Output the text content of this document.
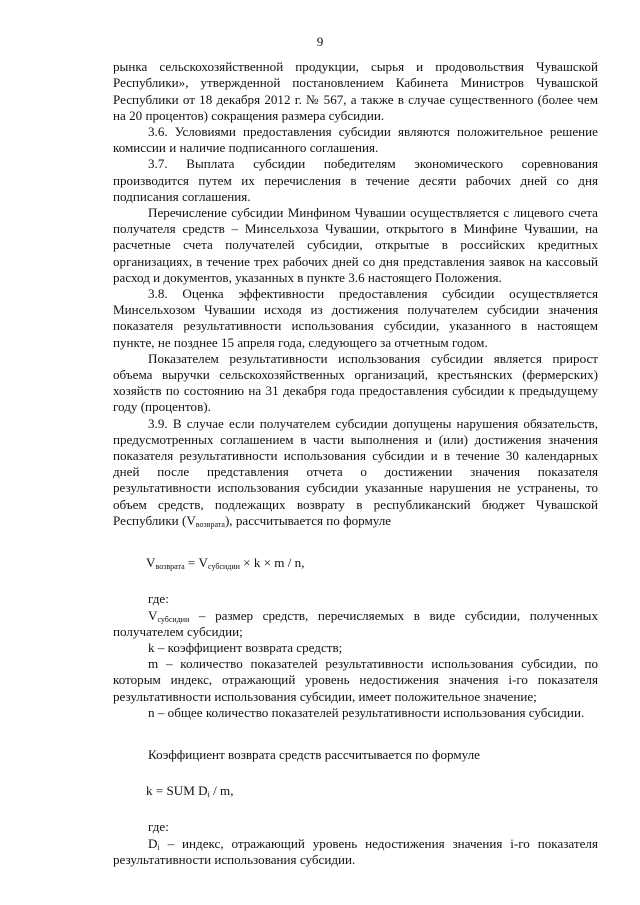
9

рынка сельскохозяйственной продукции, сырья и продовольствия Чувашской Республики», утвержденной постановлением Кабинета Министров Чувашской Республики от 18 декабря 2012 г. № 567, а также в случае существенного (более чем на 20 процентов) сокращения размера субсидии.

3.6. Условиями предоставления субсидии являются положительное решение комиссии и наличие подписанного соглашения.

3.7. Выплата субсидии победителям экономического соревнования производится путем их перечисления в течение десяти рабочих дней со дня подписания соглашения.

Перечисление субсидии Минфином Чувашии осуществляется с лицевого счета получателя средств – Минсельхоза Чувашии, открытого в Минфине Чувашии, на расчетные счета получателей субсидии, открытые в российских кредитных организациях, в течение трех рабочих дней со дня представления заявок на кассовый расход и документов, указанных в пункте 3.6 настоящего Положения.

3.8. Оценка эффективности предоставления субсидии осуществляется Минсельхозом Чувашии исходя из достижения получателем субсидии значения показателя результативности использования субсидии, указанного в настоящем пункте, не позднее 15 апреля года, следующего за отчетным годом.

Показателем результативности использования субсидии является прирост объема выручки сельскохозяйственных организаций, крестьянских (фермерских) хозяйств по состоянию на 31 декабря года предоставления субсидии к предыдущему году (процентов).

3.9. В случае если получателем субсидии допущены нарушения обязательств, предусмотренных соглашением в части выполнения и (или) достижения значения показателя результативности использования субсидии и в течение 30 календарных дней после представления отчета о достижении значения показателя результативности использования субсидии указанные нарушения не устранены, то объем средств, подлежащих возврату в республиканский бюджет Чувашской Республики $(V_{возврата})$, рассчитывается по формуле

$V_{возврата} = V_{субсидии} \times k \times m / n$,

где:

$V_{субсидии}$ – размер средств, перечисляемых в виде субсидии, полученных получателем субсидии;

k – коэффициент возврата средств;

m – количество показателей результативности использования субсидии, по которым индекс, отражающий уровень недостижения значения i-го показателя результативности использования субсидии, имеет положительное значение;

n – общее количество показателей результативности использования субсидии.

Коэффициент возврата средств рассчитывается по формуле

k = SUM $D_i$ / m,

где:

$D_i$ – индекс, отражающий уровень недостижения значения i-го показателя результативности использования субсидии.
